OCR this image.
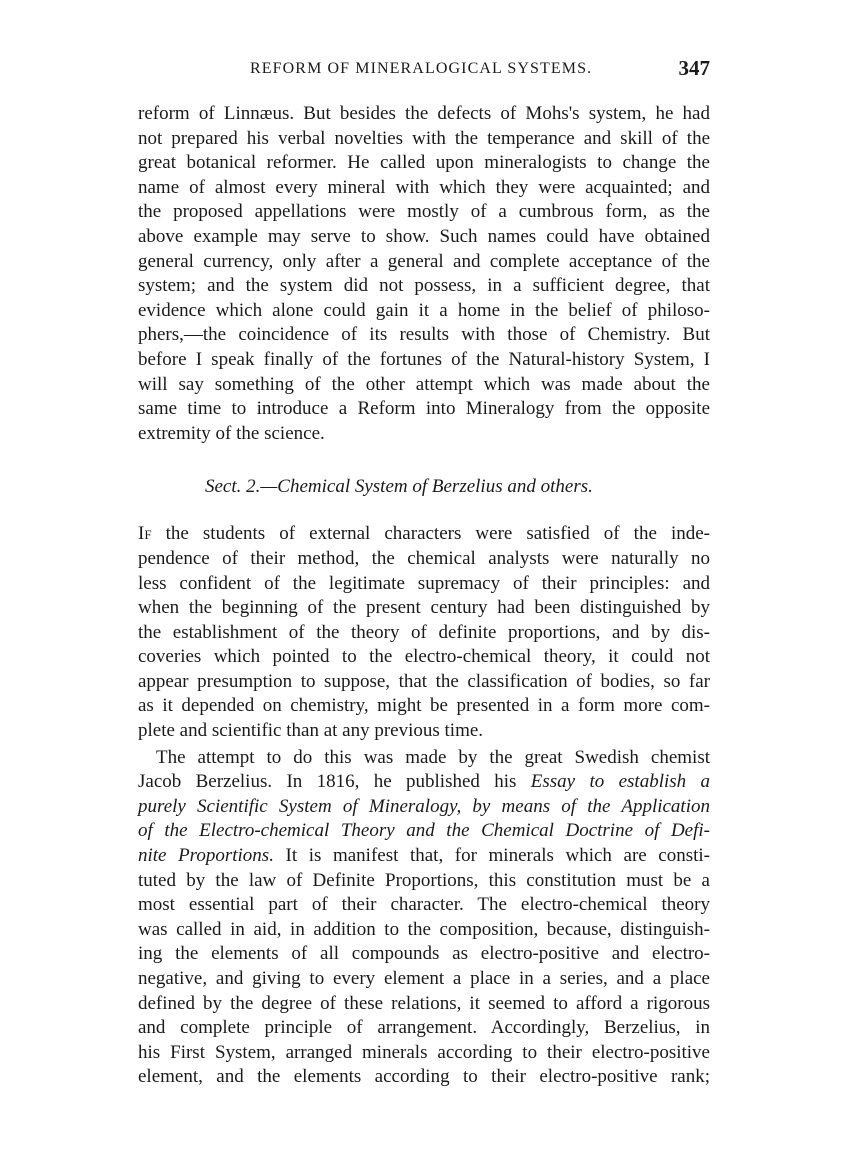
REFORM OF MINERALOGICAL SYSTEMS.	347
reform of Linnæus. But besides the defects of Mohs's system, he had
not prepared his verbal novelties with the temperance and skill of the
great botanical reformer. He called upon mineralogists to change the
name of almost every mineral with which they were acquainted; and
the proposed appellations were mostly of a cumbrous form, as the
above example may serve to show. Such names could have obtained
general currency, only after a general and complete acceptance of the
system; and the system did not possess, in a sufficient degree, that
evidence which alone could gain it a home in the belief of philoso-
phers,—the coincidence of its results with those of Chemistry. But
before I speak finally of the fortunes of the Natural-history System, I
will say something of the other attempt which was made about the
same time to introduce a Reform into Mineralogy from the opposite
extremity of the science.
Sect. 2.—Chemical System of Berzelius and others.
If the students of external characters were satisfied of the inde-
pendence of their method, the chemical analysts were naturally no
less confident of the legitimate supremacy of their principles: and
when the beginning of the present century had been distinguished by
the establishment of the theory of definite proportions, and by dis-
coveries which pointed to the electro-chemical theory, it could not
appear presumption to suppose, that the classification of bodies, so far
as it depended on chemistry, might be presented in a form more com-
plete and scientific than at any previous time.
The attempt to do this was made by the great Swedish chemist
Jacob Berzelius. In 1816, he published his Essay to establish a
purely Scientific System of Mineralogy, by means of the Application
of the Electro-chemical Theory and the Chemical Doctrine of Defi-
nite Proportions. It is manifest that, for minerals which are consti-
tuted by the law of Definite Proportions, this constitution must be a
most essential part of their character. The electro-chemical theory
was called in aid, in addition to the composition, because, distinguish-
ing the elements of all compounds as electro-positive and electro-
negative, and giving to every element a place in a series, and a place
defined by the degree of these relations, it seemed to afford a rigorous
and complete principle of arrangement. Accordingly, Berzelius, in
his First System, arranged minerals according to their electro-positive
element, and the elements according to their electro-positive rank;
